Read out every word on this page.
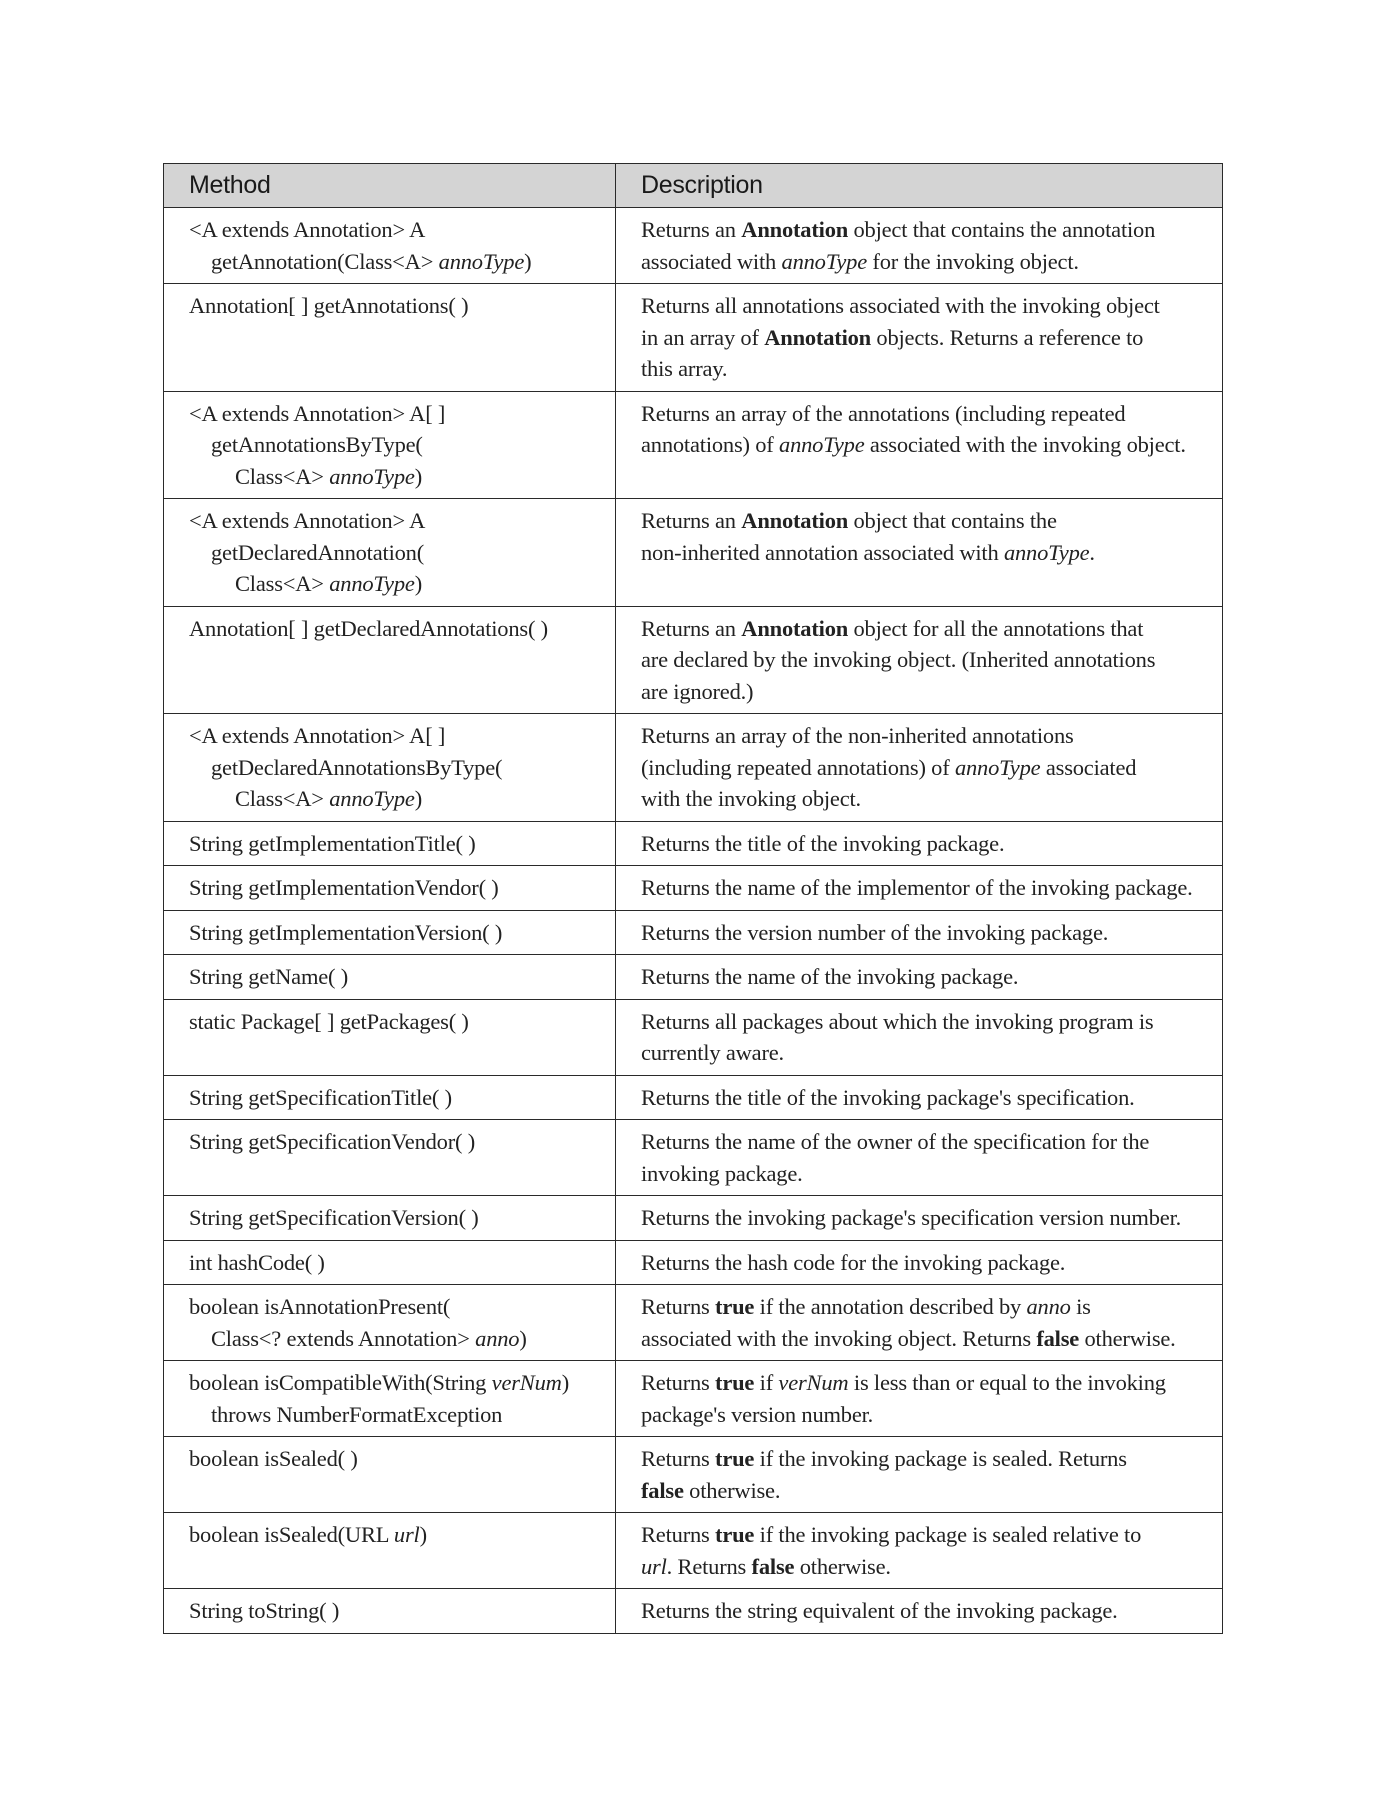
Method	Description

<A extends Annotation> A
getAnnotation(Class<A> annoType)	Returns an Annotation object that contains the annotation
associated with annoType for the invoking object.

Annotation[ ] getAnnotations( )	Returns all annotations associated with the invoking object
in an array of Annotation objects. Returns a reference to
this array.

<A extends Annotation> A[ ]
getAnnotationsByType(
Class<A> annoType)	Returns an array of the annotations (including repeated
annotations) of annoType associated with the invoking object.

<A extends Annotation> A
getDeclaredAnnotation(
Class<A> annoType)	Returns an Annotation object that contains the
non-inherited annotation associated with annoType.

Annotation[ ] getDeclaredAnnotations( )	Returns an Annotation object for all the annotations that
are declared by the invoking object. (Inherited annotations
are ignored.)

<A extends Annotation> A[ ]
getDeclaredAnnotationsByType(
Class<A> annoType)	Returns an array of the non-inherited annotations
(including repeated annotations) of annoType associated
with the invoking object.

String getImplementationTitle( )	Returns the title of the invoking package.

String getImplementationVendor( )	Returns the name of the implementor of the invoking package.

String getImplementationVersion( )	Returns the version number of the invoking package.

String getName( )	Returns the name of the invoking package.

static Package[ ] getPackages( )	Returns all packages about which the invoking program is
currently aware.

String getSpecificationTitle( )	Returns the title of the invoking package's specification.

String getSpecificationVendor( )	Returns the name of the owner of the specification for the
invoking package.

String getSpecificationVersion( )	Returns the invoking package's specification version number.

int hashCode( )	Returns the hash code for the invoking package.

boolean isAnnotationPresent(
Class<? extends Annotation> anno)	Returns true if the annotation described by anno is
associated with the invoking object. Returns false otherwise.

boolean isCompatibleWith(String verNum)
throws NumberFormatException	Returns true if verNum is less than or equal to the invoking
package's version number.

boolean isSealed( )	Returns true if the invoking package is sealed. Returns
false otherwise.

boolean isSealed(URL url)	Returns true if the invoking package is sealed relative to
url. Returns false otherwise.

String toString( )	Returns the string equivalent of the invoking package.
